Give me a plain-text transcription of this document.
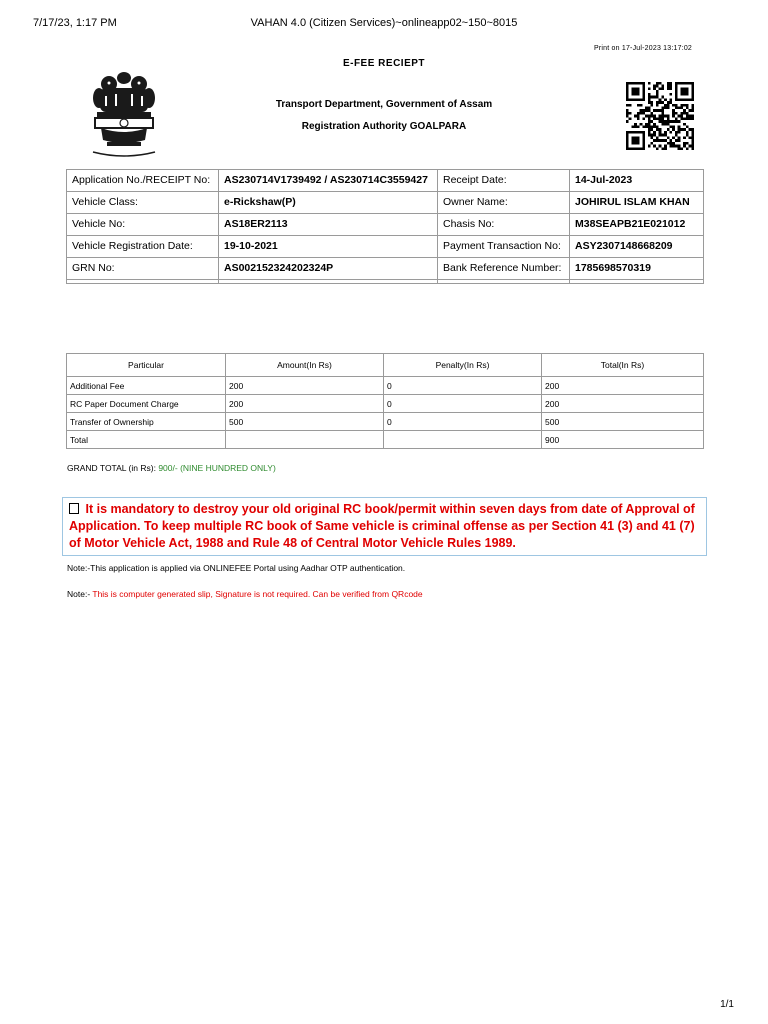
7/17/23, 1:17 PM	VAHAN 4.0 (Citizen Services)~onlineapp02~150~8015
Print on 17-Jul-2023 13:17:02
E-FEE RECIEPT
Transport Department, Government of Assam
Registration Authority GOALPARA
Application No./RECEIPT No:	AS230714V1739492 / AS230714C3559427	Receipt Date:	14-Jul-2023
Vehicle Class:	e-Rickshaw(P)	Owner Name:	JOHIRUL ISLAM KHAN
Vehicle No:	AS18ER2113	Chasis No:	M38SEAPB21E021012
Vehicle Registration Date:	19-10-2021	Payment Transaction No:	ASY2307148668209
GRN No:	AS002152324202324P	Bank Reference Number:	1785698570319

Particular	Amount(In Rs)	Penalty(In Rs)	Total(In Rs)
Additional Fee	200	0	200
RC Paper Document Charge	200	0	200
Transfer of Ownership	500	0	500
Total			900
GRAND TOTAL (in Rs): 900/- (NINE HUNDRED ONLY)
It is mandatory to destroy your old original RC book/permit within seven days from date of Approval of Application. To keep multiple RC book of Same vehicle is criminal offense as per Section 41 (3) and 41 (7) of Motor Vehicle Act, 1988 and Rule 48 of Central Motor Vehicle Rules 1989.
Note:-This application is applied via ONLINEFEE Portal using Aadhar OTP authentication.
Note:- This is computer generated slip, Signature is not required. Can be verified from QRcode
1/1
